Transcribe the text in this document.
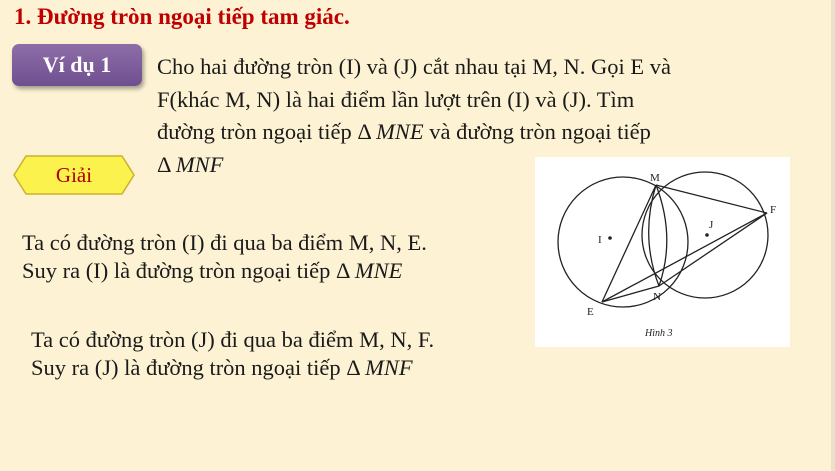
1. Đường tròn ngoại tiếp tam giác.
Ví dụ 1 Cho hai đường tròn (I) và (J) cắt nhau tại M, N. Gọi E và
F(khác M, N) là hai điểm lần lượt trên (I) và (J). Tìm
đường tròn ngoại tiếp Δ MNE và đường tròn ngoại tiếp
Δ MNF
Giải	M
N
E
F
I
J
Hình 3
Ta có đường tròn (I) đi qua ba điểm M, N, E.
Suy ra (I) là đường tròn ngoại tiếp Δ MNE
Ta có đường tròn (J) đi qua ba điểm M, N, F.
Suy ra (J) là đường tròn ngoại tiếp Δ MNF
